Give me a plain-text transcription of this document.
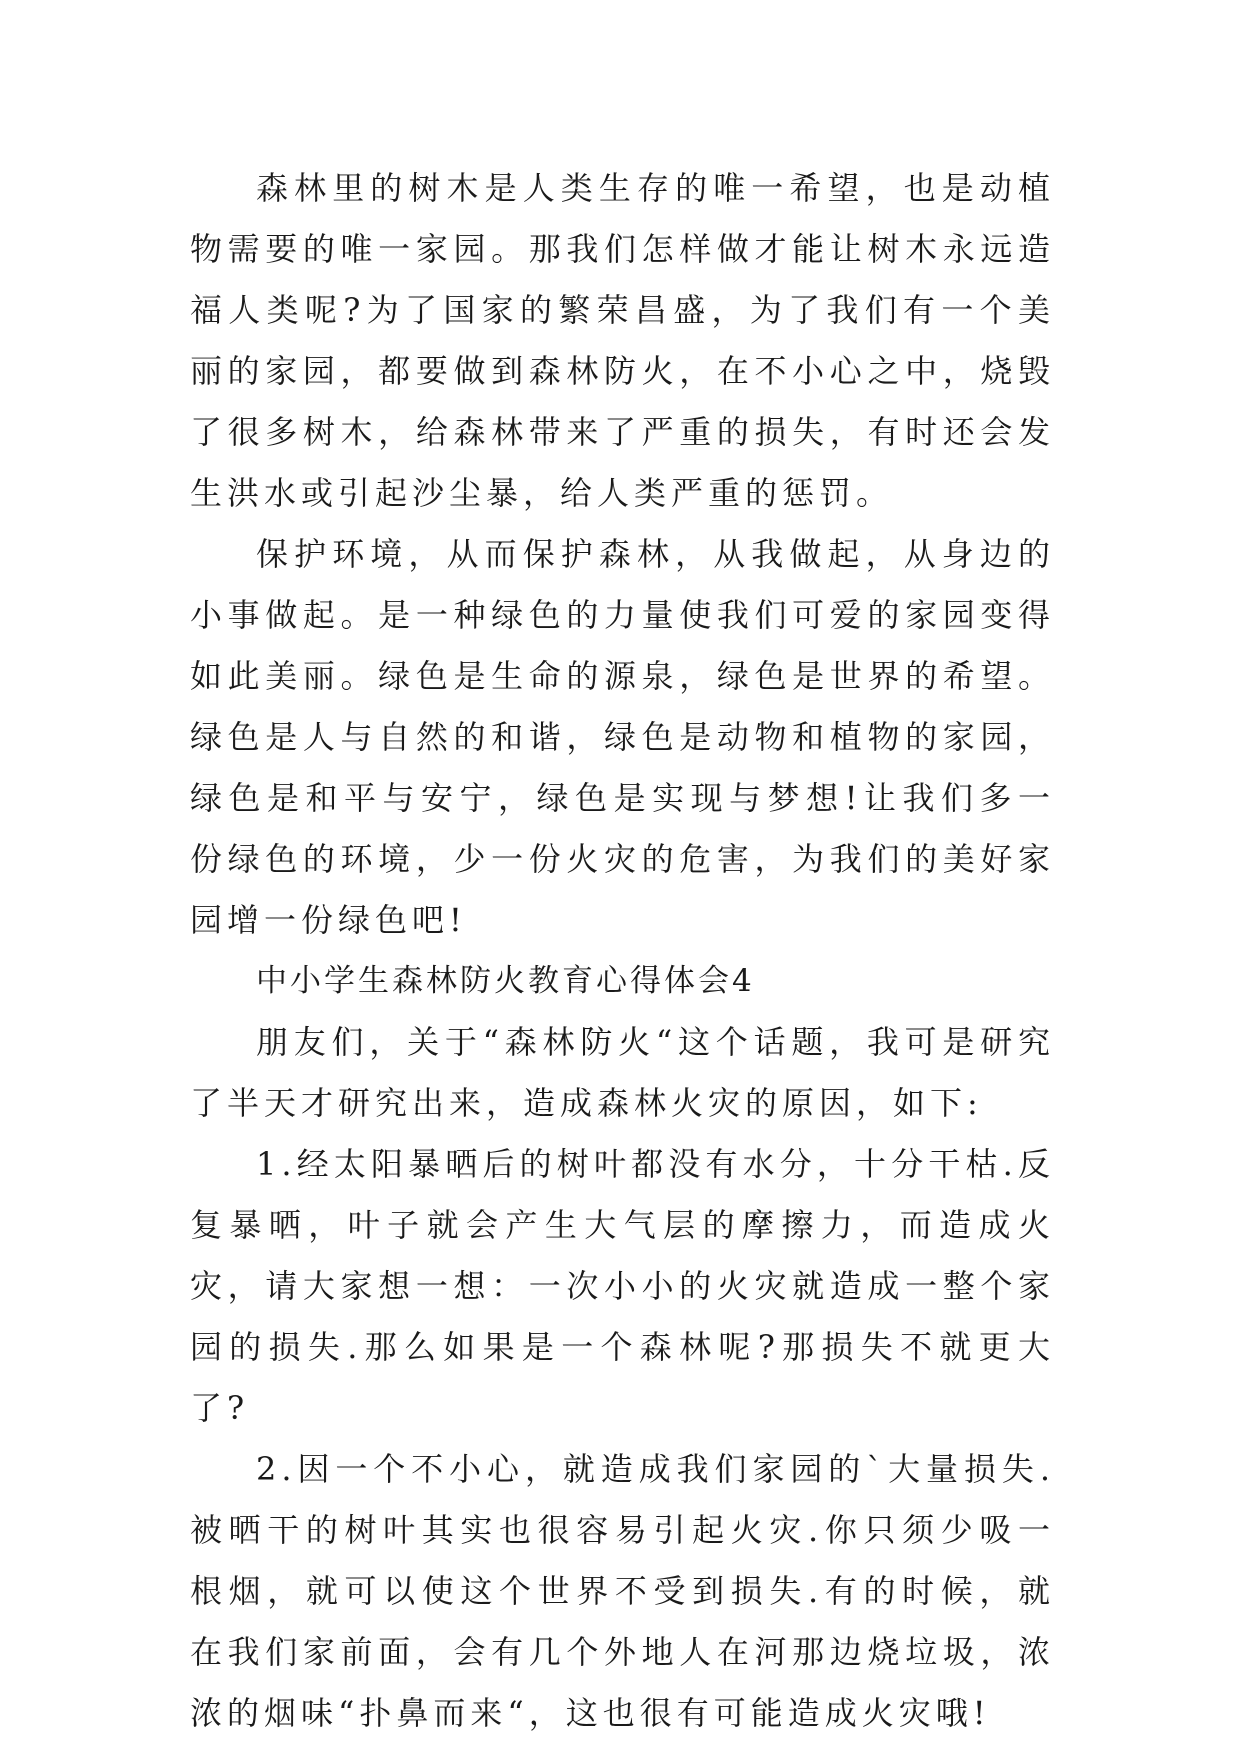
森林里的树木是人类生存的唯一希望，也是动植物需要的唯一家园。那我们怎样做才能让树木永远造福人类呢?为了国家的繁荣昌盛，为了我们有一个美丽的家园，都要做到森林防火，在不小心之中，烧毁了很多树木，给森林带来了严重的损失，有时还会发生洪水或引起沙尘暴，给人类严重的惩罚。

保护环境，从而保护森林，从我做起，从身边的小事做起。是一种绿色的力量使我们可爱的家园变得如此美丽。绿色是生命的源泉，绿色是世界的希望。绿色是人与自然的和谐，绿色是动物和植物的家园，绿色是和平与安宁，绿色是实现与梦想!让我们多一份绿色的环境，少一份火灾的危害，为我们的美好家园增一份绿色吧!

中小学生森林防火教育心得体会4

朋友们，关于“森林防火“这个话题，我可是研究了半天才研究出来，造成森林火灾的原因，如下:

1.经太阳暴晒后的树叶都没有水分，十分干枯.反复暴晒，叶子就会产生大气层的摩擦力，而造成火灾，请大家想一想：一次小小的火灾就造成一整个家园的损失.那么如果是一个森林呢?那损失不就更大了?

2.因一个不小心，就造成我们家园的`大量损失.被晒干的树叶其实也很容易引起火灾.你只须少吸一根烟，就可以使这个世界不受到损失.有的时候，就在我们家前面，会有几个外地人在河那边烧垃圾，浓浓的烟味“扑鼻而来“，这也很有可能造成火灾哦!
